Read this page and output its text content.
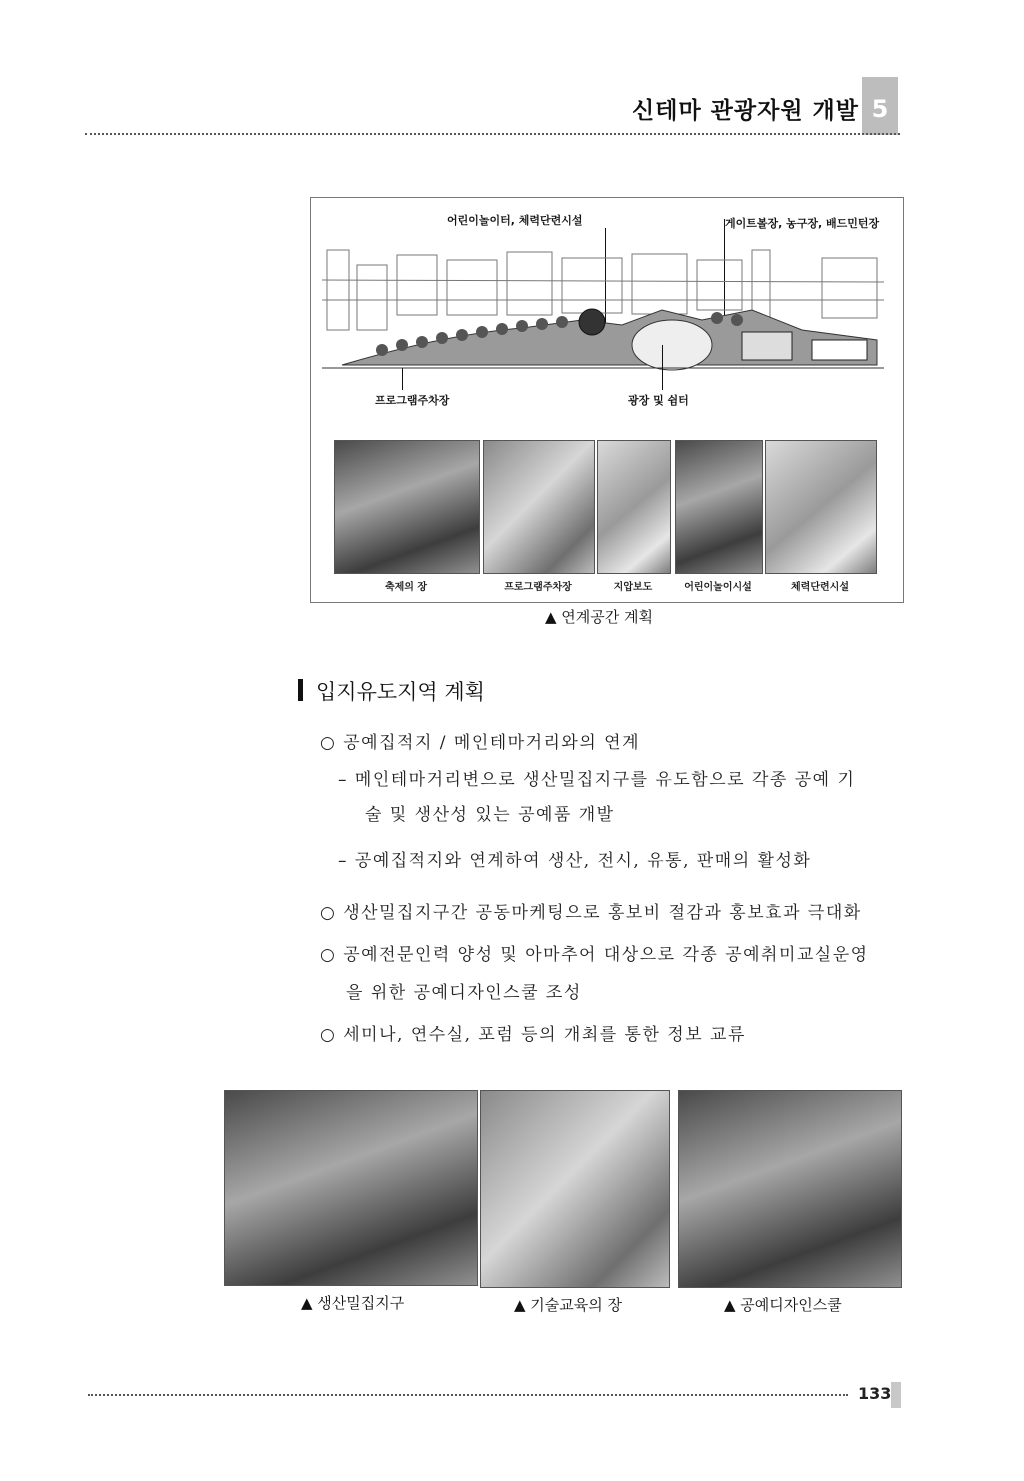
신테마 관광자원 개발 5
어린이놀이터, 체력단련시설	게이트볼장, 농구장, 배드민턴장
프로그램주차장	광장 및 쉼터
축제의 장	프로그램주차장	지압보도	어린이놀이시설	체력단련시설
▲ 연계공간 계획
입지유도지역 계획
○ 공예집적지 / 메인테마거리와의 연계
– 메인테마거리변으로 생산밀집지구를 유도함으로 각종 공예 기
술 및 생산성 있는 공예품 개발
– 공예집적지와 연계하여 생산, 전시, 유통, 판매의 활성화
○ 생산밀집지구간 공동마케팅으로 홍보비 절감과 홍보효과 극대화
○ 공예전문인력 양성 및 아마추어 대상으로 각종 공예취미교실운영
을 위한 공예디자인스쿨 조성
○ 세미나, 연수실, 포럼 등의 개최를 통한 정보 교류
▲ 생산밀집지구	▲ 기술교육의 장	▲ 공예디자인스쿨
133
